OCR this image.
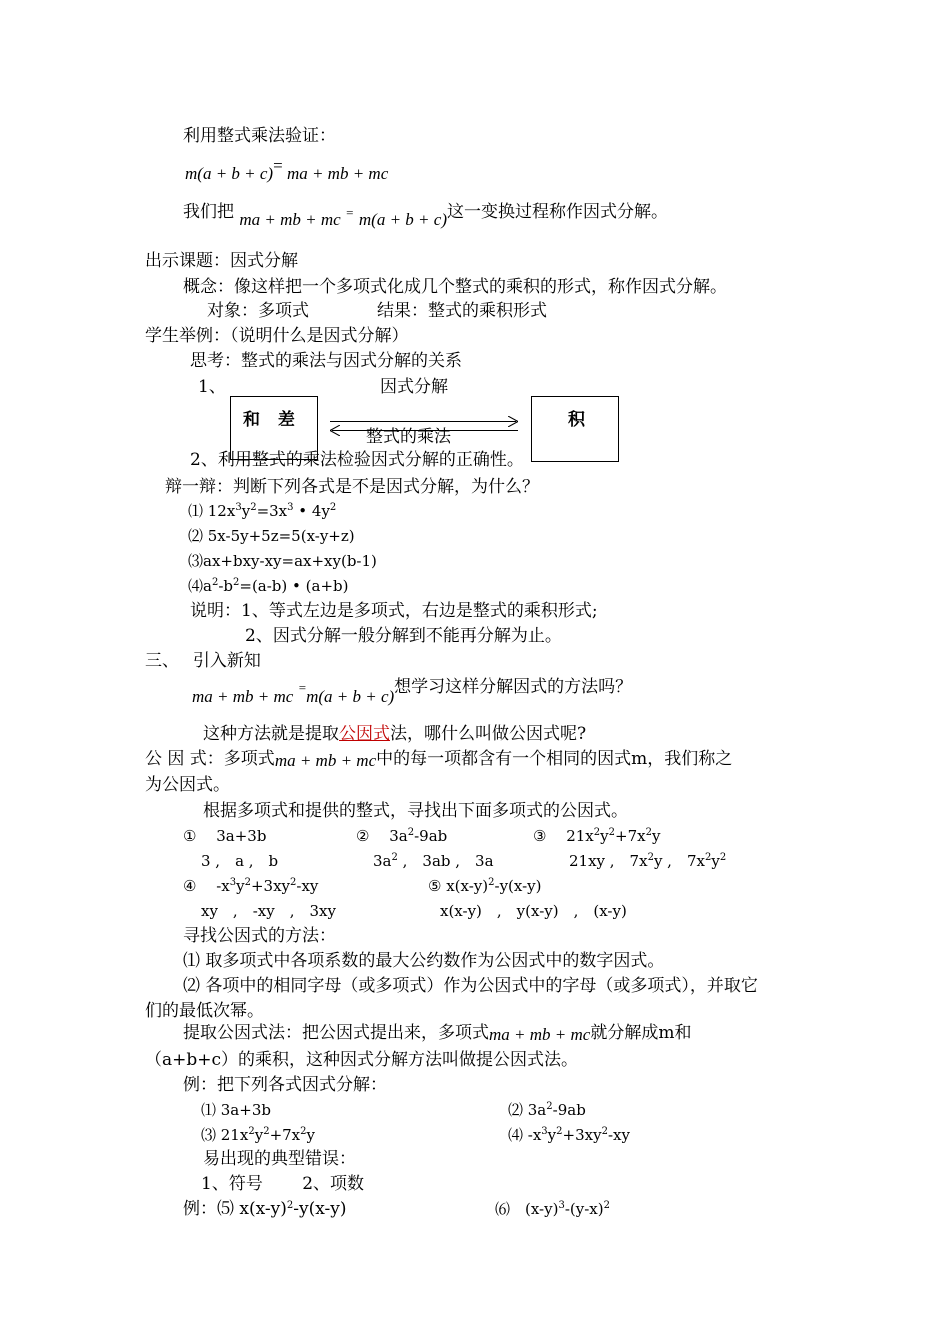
利用整式乘法验证：
m(a + b + c)= ma + mb + mc
我们把 ma + mb + mc = m(a + b + c)这一变换过程称作因式分解。
出示课题：因式分解
概念：像这样把一个多项式化成几个整式的乘积的形式，称作因式分解。
对象：多项式　　　　结果：整式的乘积形式
学生举例：（说明什么是因式分解）
思考：整式的乘法与因式分解的关系
1、	因式分解
和 差	积
整式的乘法
2、利用整式的乘法检验因式分解的正确性。
辩一辩：判断下列各式是不是因式分解，为什么？
⑴ $12x^3y^2=3x^3$ • $4y^2$
⑵ 5x-5y+5z=5(x-y+z)
⑶ax+bxy-xy=ax+xy(b-1)
$⑷a^2-b^2=(a-b)$ • (a+b)
说明：1、等式左边是多项式，右边是整式的乘积形式;
2、因式分解一般分解到不能再分解为止。
三、　 引入新知
ma + mb + mc =m(a + b + c)想学习这样分解因式的方法吗？
这种方法就是提取公因式法，哪什么叫做公因式呢?
公 因 式：多项式ma + mb + mc中的每一项都含有一个相同的因式m，我们称之
为公因式。
根据多项式和提供的整式，寻找出下面多项式的公因式。
①　 3a+3b	②　 $3a^2-9ab$	③　 $21x^2y^2+7x^2y$
3 ,　a ,　b	$3a^2$ ,　3ab ,　3a	21xy ,　$7x^2y$ ,　$7x^2y^2$
④　 $-x^3y^2+3xy^2-xy$	⑤ $x(x-y)^2-y(x-y)$
xy　,　-xy　,　3xy	x(x-y)　,　y(x-y)　,　(x-y)
寻找公因式的方法：
⑴ 取多项式中各项系数的最大公约数作为公因式中的数字因式。
⑵ 各项中的相同字母（或多项式）作为公因式中的字母（或多项式），并取它
们的最低次幂。
提取公因式法：把公因式提出来，多项式ma + mb + mc就分解成m和
（a+b+c）的乘积，这种因式分解方法叫做提公因式法。
例：把下列各式因式分解：
⑴ 3a+3b	⑵ $3a^2-9ab$
⑶ $21x^2y^2+7x^2y$	⑷ $-x^3y^2+3xy^2-xy$
易出现的典型错误：
1、符号　　 2、项数
例：⑸ $x(x-y)^2-y(x-y)$	⑹　$(x-y)^3-(y-x)^2$
